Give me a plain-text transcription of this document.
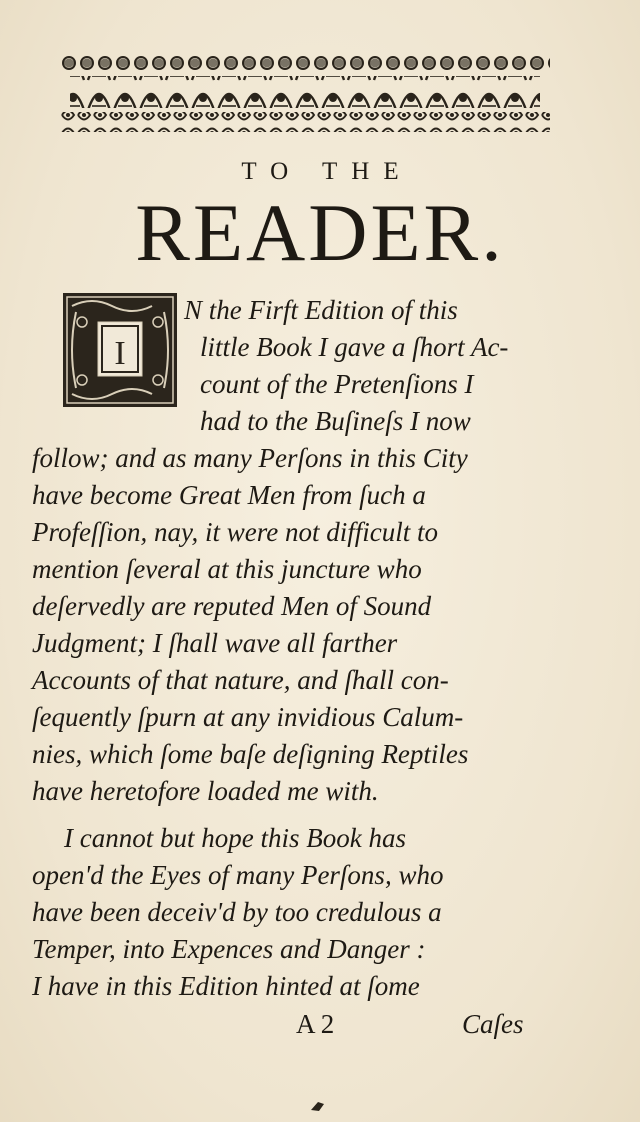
TO THE
READER.
I
N the Firft Edition of this
little Book I gave a ſhort Ac-
count of the Pretenſions I
had to the Buſineſs I now
follow; and as many Perſons in this City
have become Great Men from ſuch a
Profeſſion, nay, it were not difficult to
mention ſeveral at this juncture who
deſervedly are reputed Men of Sound
Judgment; I ſhall wave all farther
Accounts of that nature, and ſhall con-
ſequently ſpurn at any invidious Calum-
nies, which ſome baſe deſigning Reptiles
have heretofore loaded me with.
I cannot but hope this Book has
open'd the Eyes of many Perſons, who
have been deceiv'd by too credulous a
Temper, into Expences and Danger :
I have in this Edition hinted at ſome
A 2	Caſes
